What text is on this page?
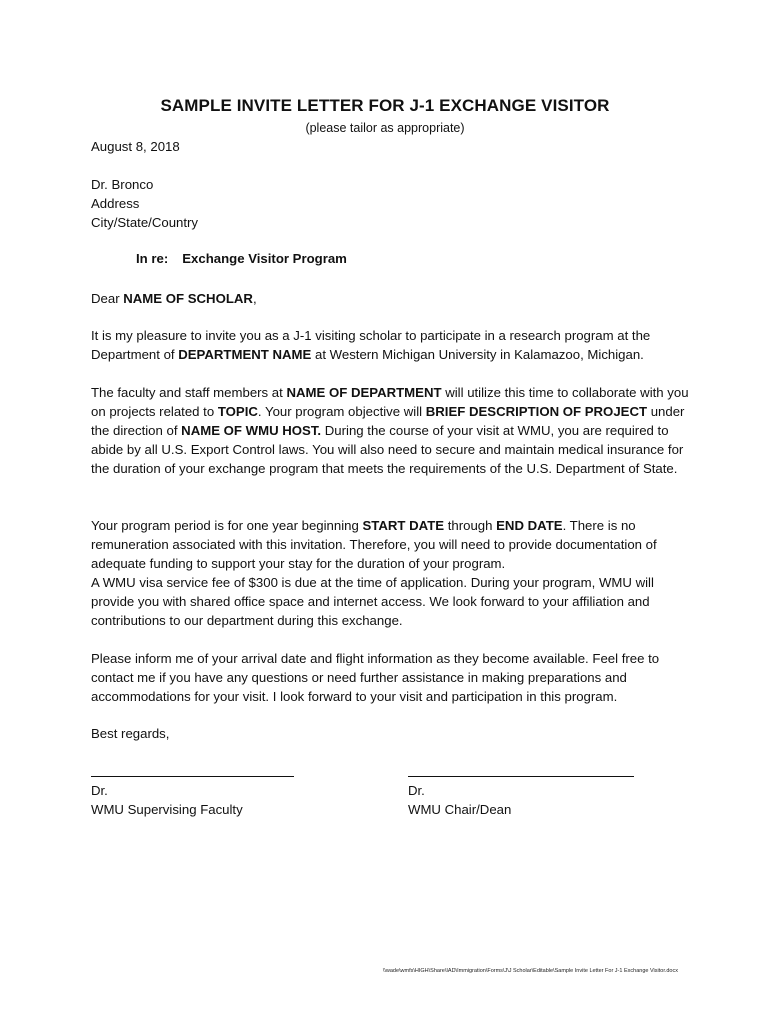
SAMPLE INVITE LETTER FOR J-1 EXCHANGE VISITOR
(please tailor as appropriate)
August 8, 2018
Dr. Bronco
Address
City/State/Country
In re: Exchange Visitor Program
Dear NAME OF SCHOLAR,
It is my pleasure to invite you as a J-1 visiting scholar to participate in a research program at the Department of DEPARTMENT NAME at Western Michigan University in Kalamazoo, Michigan.
The faculty and staff members at NAME OF DEPARTMENT will utilize this time to collaborate with you on projects related to TOPIC. Your program objective will BRIEF DESCRIPTION OF PROJECT under the direction of NAME OF WMU HOST. During the course of your visit at WMU, you are required to abide by all U.S. Export Control laws. You will also need to secure and maintain medical insurance for the duration of your exchange program that meets the requirements of the U.S. Department of State.
Your program period is for one year beginning START DATE through END DATE. There is no remuneration associated with this invitation. Therefore, you will need to provide documentation of adequate funding to support your stay for the duration of your program.
A WMU visa service fee of $300 is due at the time of application. During your program, WMU will provide you with shared office space and internet access. We look forward to your affiliation and contributions to our department during this exchange.
Please inform me of your arrival date and flight information as they become available. Feel free to contact me if you have any questions or need further assistance in making preparations and accommodations for your visit. I look forward to your visit and participation in this program.
Best regards,
Dr.
WMU Supervising Faculty
Dr.
WMU Chair/Dean
\\wade\wmfs\HIGH\Share\IAD\Immigration\Forms\J\J Scholar\Editable\Sample Invite Letter For J-1 Exchange Visitor.docx
